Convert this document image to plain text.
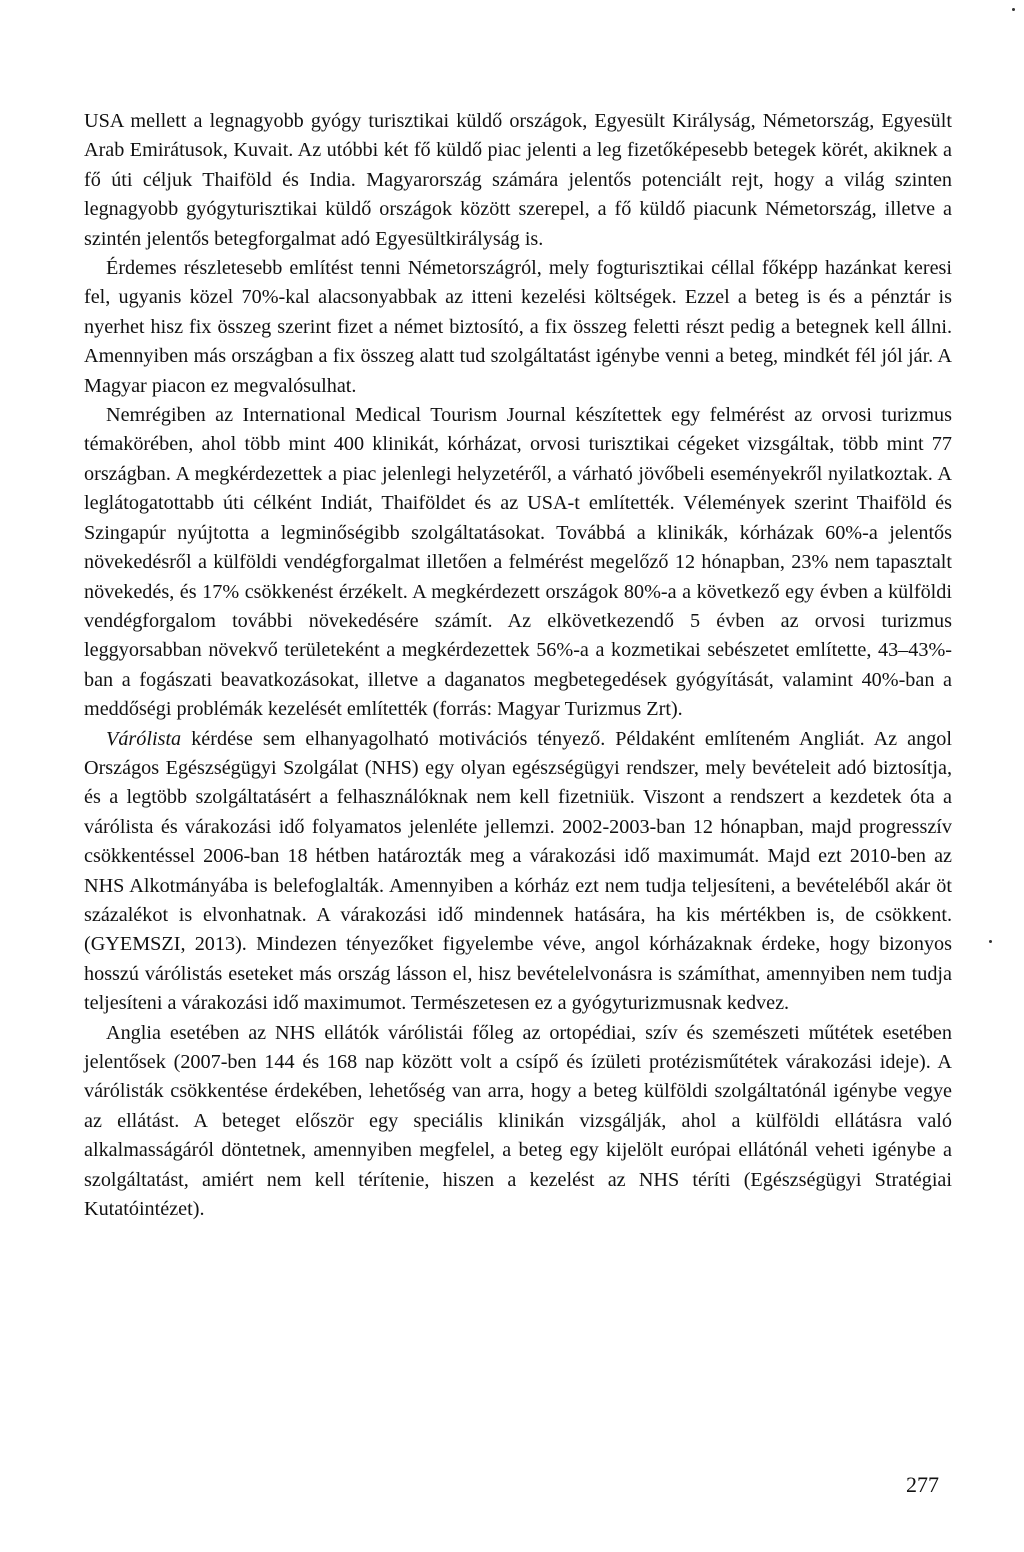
USA mellett a legnagyobb gyógy turisztikai küldő országok, Egyesült Királyság, Németország, Egyesült Arab Emirátusok, Kuvait. Az utóbbi két fő küldő piac jelenti a leg fizetőképesebb betegek körét, akiknek a fő úti céljuk Thaiföld és India. Magyarország számára jelentős potenciált rejt, hogy a világ szinten legnagyobb gyógyturisztikai küldő országok között szerepel, a fő küldő piacunk Németország, illetve a szintén jelentős betegforgalmat adó Egyesültkirályság is.

Érdemes részletesebb említést tenni Németországról, mely fogturisztikai céllal főképp hazánkat keresi fel, ugyanis közel 70%-kal alacsonyabbak az itteni kezelési költségek. Ezzel a beteg is és a pénztár is nyerhet hisz fix összeg szerint fizet a német biztosító, a fix összeg feletti részt pedig a betegnek kell állni. Amennyiben más országban a fix összeg alatt tud szolgáltatást igénybe venni a beteg, mindkét fél jól jár. A Magyar piacon ez megvalósulhat.

Nemrégiben az International Medical Tourism Journal készítettek egy felmérést az orvosi turizmus témakörében, ahol több mint 400 klinikát, kórházat, orvosi turisztikai cégeket vizsgáltak, több mint 77 országban. A megkérdezettek a piac jelenlegi helyzetéről, a várható jövőbeli eseményekről nyilatkoztak. A leglátogatottabb úti célként Indiát, Thaiföldet és az USA-t említették. Vélemények szerint Thaiföld és Szingapúr nyújtotta a legminőségibb szolgáltatásokat. Továbbá a klinikák, kórházak 60%-a jelentős növekedésről a külföldi vendégforgalmat illetően a felmérést megelőző 12 hónapban, 23% nem tapasztalt növekedés, és 17% csökkenést érzékelt. A megkérdezett országok 80%-a a következő egy évben a külföldi vendégforgalom további növekedésére számít. Az elkövetkezendő 5 évben az orvosi turizmus leggyorsabban növekvő területeként a megkérdezettek 56%-a a kozmetikai sebészetet említette, 43–43%-ban a fogászati beavatkozásokat, illetve a daganatos megbetegedések gyógyítását, valamint 40%-ban a meddőségi problémák kezelését említették (forrás: Magyar Turizmus Zrt).

Várólista kérdése sem elhanyagolható motivációs tényező. Példaként említeném Angliát. Az angol Országos Egészségügyi Szolgálat (NHS) egy olyan egészségügyi rendszer, mely bevételeit adó biztosítja, és a legtöbb szolgáltatásért a felhasználóknak nem kell fizetniük. Viszont a rendszert a kezdetek óta a várólista és várakozási idő folyamatos jelenléte jellemzi. 2002-2003-ban 12 hónapban, majd progresszív csökkentéssel 2006-ban 18 hétben határozták meg a várakozási idő maximumát. Majd ezt 2010-ben az NHS Alkotmányába is belefoglalták. Amennyiben a kórház ezt nem tudja teljesíteni, a bevételéből akár öt százalékot is elvonhatnak. A várakozási idő mindennek hatására, ha kis mértékben is, de csökkent. (GYEMSZI, 2013). Mindezen tényezőket figyelembe véve, angol kórházaknak érdeke, hogy bizonyos hosszú várólistás eseteket más ország lásson el, hisz bevételelvonásra is számíthat, amennyiben nem tudja teljesíteni a várakozási idő maximumot. Természetesen ez a gyógyturizmusnak kedvez.

Anglia esetében az NHS ellátók várólistái főleg az ortopédiai, szív és szemészeti műtétek esetében jelentősek (2007-ben 144 és 168 nap között volt a csípő és ízületi protézisműtétek várakozási ideje). A várólisták csökkentése érdekében, lehetőség van arra, hogy a beteg külföldi szolgáltatónál igénybe vegye az ellátást. A beteget először egy speciális klinikán vizsgálják, ahol a külföldi ellátásra való alkalmasságáról döntetnek, amennyiben megfelel, a beteg egy kijelölt európai ellátónál veheti igénybe a szolgáltatást, amiért nem kell térítenie, hiszen a kezelést az NHS téríti (Egészségügyi Stratégiai Kutatóintézet).

277
